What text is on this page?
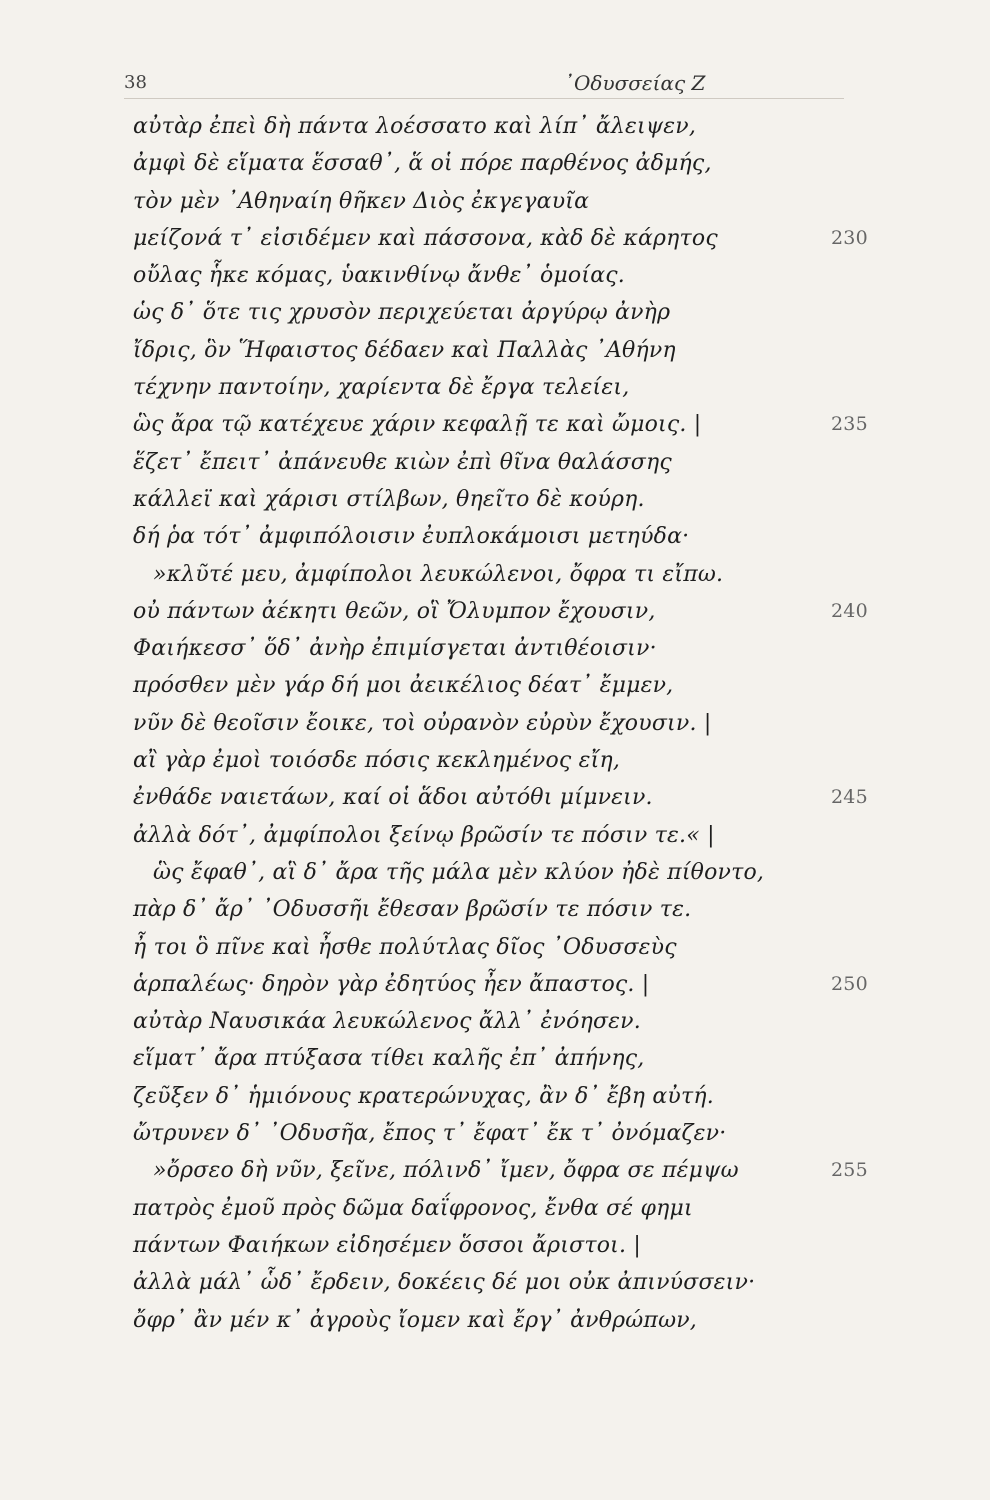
38	᾽Οδυσσείας Ζ
αὐτὰρ ἐπεὶ δὴ πάντα λοέσσατο καὶ λίπ᾽ ἄλειψεν,
ἀμφὶ δὲ εἵματα ἕσσαθ᾽, ἅ οἱ πόρε παρθένος ἀδμής,
τὸν μὲν ᾽Αθηναίη θῆκεν Διὸς ἐκγεγαυῖα
μείζονά τ᾽ εἰσιδέμεν καὶ πάσσονα, κὰδ δὲ κάρητος	230
οὔλας ἧκε κόμας, ὑακινθίνῳ ἄνθε᾽ ὁμοίας.
ὡς δ᾽ ὅτε τις χρυσὸν περιχεύεται ἀργύρῳ ἀνὴρ
ἴδρις, ὃν Ἥφαιστος δέδαεν καὶ Παλλὰς ᾽Αθήνη
τέχνην παντοίην, χαρίεντα δὲ ἔργα τελείει,
ὣς ἄρα τῷ κατέχευε χάριν κεφαλῇ τε καὶ ὤμοις. |	235
ἕζετ᾽ ἔπειτ᾽ ἀπάνευθε κιὼν ἐπὶ θῖνα θαλάσσης
κάλλεϊ καὶ χάρισι στίλβων, θηεῖτο δὲ κούρη.
δή ῥα τότ᾽ ἀμφιπόλοισιν ἐυπλοκάμοισι μετηύδα·
»κλῦτέ μευ, ἀμφίπολοι λευκώλενοι, ὄφρα τι εἴπω.
οὐ πάντων ἀέκητι θεῶν, οἳ Ὄλυμπον ἔχουσιν,	240
Φαιήκεσσ᾽ ὅδ᾽ ἀνὴρ ἐπιμίσγεται ἀντιθέοισιν·
πρόσθεν μὲν γάρ δή μοι ἀεικέλιος δέατ᾽ ἔμμεν,
νῦν δὲ θεοῖσιν ἔοικε, τοὶ οὐρανὸν εὐρὺν ἔχουσιν. |
αἲ γὰρ ἐμοὶ τοιόσδε πόσις κεκλημένος εἴη,
ἐνθάδε ναιετάων, καί οἱ ἅδοι αὐτόθι μίμνειν.	245
ἀλλὰ δότ᾽, ἀμφίπολοι ξείνῳ βρῶσίν τε πόσιν τε.« |
ὣς ἔφαθ᾽, αἳ δ᾽ ἄρα τῆς μάλα μὲν κλύον ἠδὲ πίθοντο,
πὰρ δ᾽ ἄρ᾽ ᾽Οδυσσῆι ἔθεσαν βρῶσίν τε πόσιν τε.
ἦ τοι ὃ πῖνε καὶ ἦσθε πολύτλας δῖος ᾽Οδυσσεὺς
ἁρπαλέως· δηρὸν γὰρ ἐδητύος ἦεν ἄπαστος. |	250
αὐτὰρ Ναυσικάα λευκώλενος ἄλλ᾽ ἐνόησεν.
εἵματ᾽ ἄρα πτύξασα τίθει καλῆς ἐπ᾽ ἀπήνης,
ζεῦξεν δ᾽ ἡμιόνους κρατερώνυχας, ἂν δ᾽ ἔβη αὐτή.
ὤτρυνεν δ᾽ ᾽Οδυσῆα, ἔπος τ᾽ ἔφατ᾽ ἔκ τ᾽ ὀνόμαζεν·
»ὄρσεο δὴ νῦν, ξεῖνε, πόλινδ᾽ ἴμεν, ὄφρα σε πέμψω	255
πατρὸς ἐμοῦ πρὸς δῶμα δαΐφρονος, ἔνθα σέ φημι
πάντων Φαιήκων εἰδησέμεν ὅσσοι ἄριστοι. |
ἀλλὰ μάλ᾽ ὧδ᾽ ἔρδειν, δοκέεις δέ μοι οὐκ ἀπινύσσειν·
ὄφρ᾽ ἂν μέν κ᾽ ἀγροὺς ἴομεν καὶ ἔργ᾽ ἀνθρώπων,
